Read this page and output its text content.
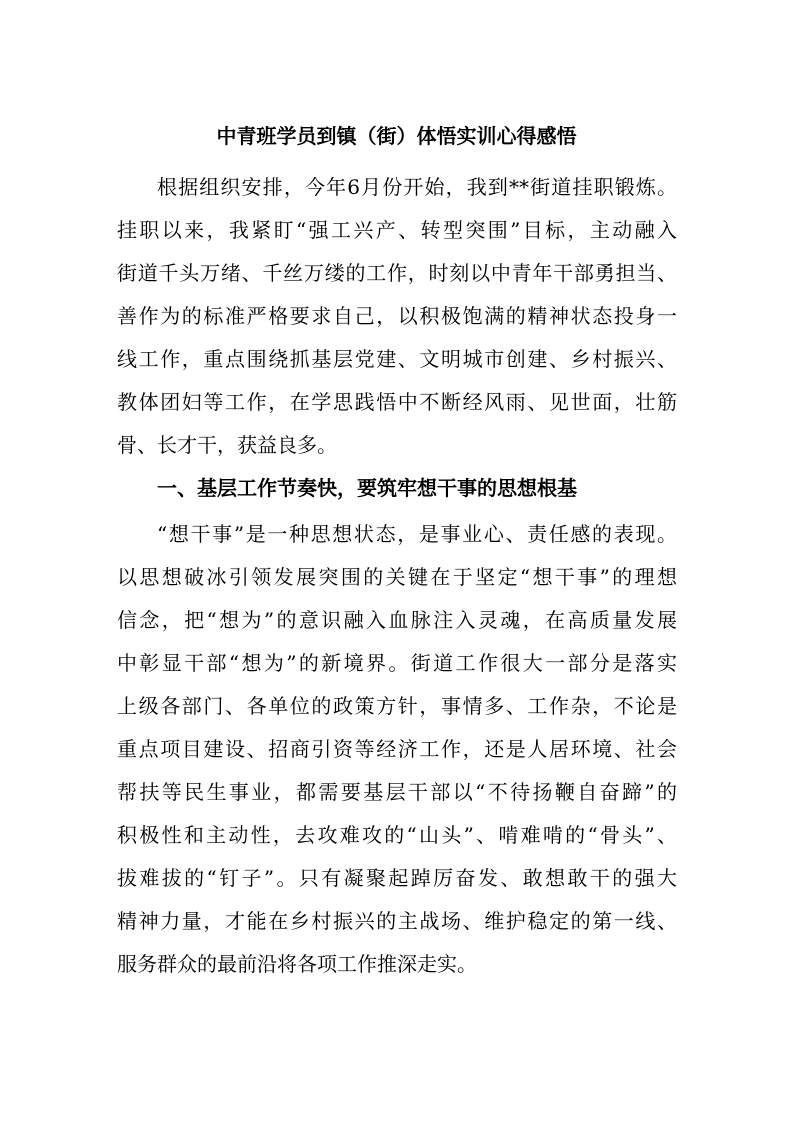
中青班学员到镇（街）体悟实训心得感悟
根据组织安排，今年6月份开始，我到**街道挂职锻炼。
挂职以来，我紧盯“强工兴产、转型突围”目标，主动融入
街道千头万绪、千丝万缕的工作，时刻以中青年干部勇担当、
善作为的标准严格要求自己，以积极饱满的精神状态投身一
线工作，重点围绕抓基层党建、文明城市创建、乡村振兴、
教体团妇等工作，在学思践悟中不断经风雨、见世面，壮筋
骨、长才干，获益良多。
一、基层工作节奏快，要筑牢想干事的思想根基
“想干事”是一种思想状态，是事业心、责任感的表现。
以思想破冰引领发展突围的关键在于坚定“想干事”的理想
信念，把“想为”的意识融入血脉注入灵魂，在高质量发展
中彰显干部“想为”的新境界。街道工作很大一部分是落实
上级各部门、各单位的政策方针，事情多、工作杂，不论是
重点项目建设、招商引资等经济工作，还是人居环境、社会
帮扶等民生事业，都需要基层干部以“不待扬鞭自奋蹄”的
积极性和主动性，去攻难攻的“山头”、啃难啃的“骨头”、
拔难拔的“钉子”。只有凝聚起踔厉奋发、敢想敢干的强大
精神力量，才能在乡村振兴的主战场、维护稳定的第一线、
服务群众的最前沿将各项工作推深走实。
